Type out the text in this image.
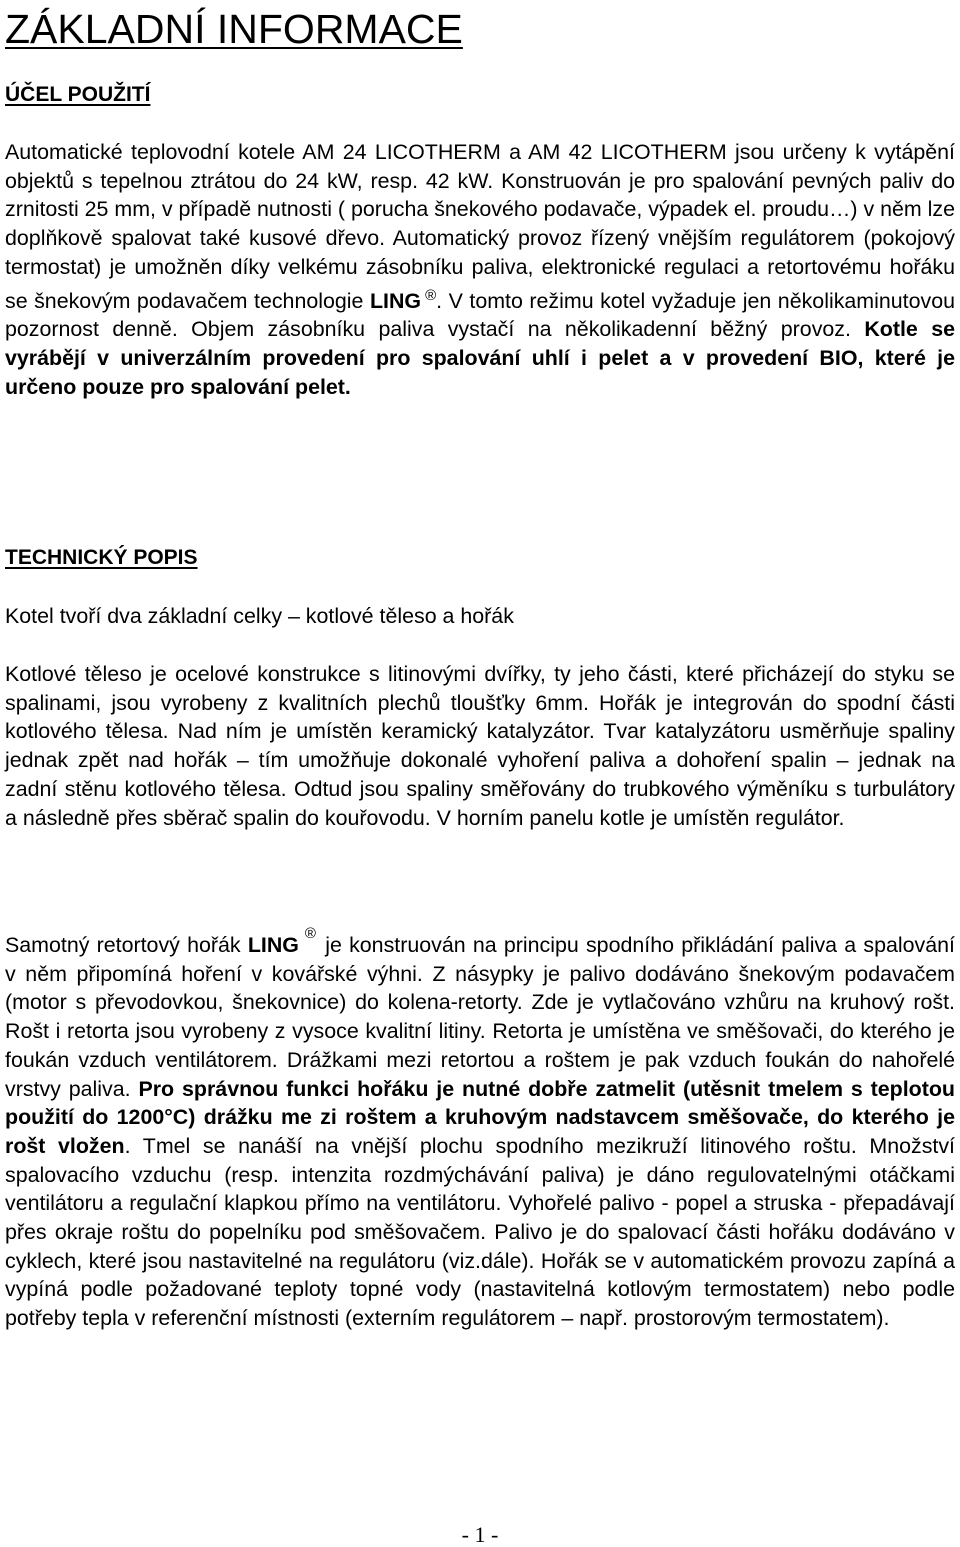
ZÁKLADNÍ INFORMACE
ÚČEL POUŽITÍ

Automatické teplovodní kotele AM 24 LICOTHERM a AM 42 LICOTHERM jsou určeny k vytápění objektů s tepelnou ztrátou do 24 kW, resp. 42 kW. Konstruován je pro spalování pevných paliv do zrnitosti 25 mm, v případě nutnosti ( porucha šnekového podavače, výpadek el. proudu…) v něm lze doplňkově spalovat také kusové dřevo. Automatický provoz řízený vnějším regulátorem (pokojový termostat) je umožněn díky velkému zásobníku paliva, elektronické regulaci a retortovému hořáku se šnekovým podavačem technologie LING ®. V tomto režimu kotel vyžaduje jen několikaminutovou pozornost denně. Objem zásobníku paliva vystačí na několikadenní běžný provoz. Kotle se vyrábějí v univerzálním provedení pro spalování uhlí i pelet a v provedení BIO, které je určeno pouze pro spalování pelet.

TECHNICKÝ POPIS

Kotel tvoří dva základní celky – kotlové těleso a hořák

Kotlové těleso je ocelové konstrukce s litinovými dvířky, ty jeho části, které přicházejí do styku se spalinami, jsou vyrobeny z kvalitních plechů tloušťky 6mm. Hořák je integrován do spodní části kotlového tělesa. Nad ním je umístěn keramický katalyzátor. Tvar katalyzátoru usměrňuje spaliny jednak zpět nad hořák – tím umožňuje dokonalé vyhoření paliva a dohoření spalin – jednak na zadní stěnu kotlového tělesa. Odtud jsou spaliny směřovány do trubkového výměníku s turbulátory a následně přes sběrač spalin do kouřovodu. V horním panelu kotle je umístěn regulátor.

Samotný retortový hořák LING ® je konstruován na principu spodního přikládání paliva a spalování v něm připomíná hoření v kovářské výhni. Z násypky je palivo dodáváno šnekovým podavačem (motor s převodovkou, šnekovnice) do kolena-retorty. Zde je vytlačováno vzhůru na kruhový rošt. Rošt i retorta jsou vyrobeny z vysoce kvalitní litiny. Retorta je umístěna ve směšovači, do kterého je foukán vzduch ventilátorem. Drážkami mezi retortou a roštem je pak vzduch foukán do nahořelé vrstvy paliva. Pro správnou funkci hořáku je nutné dobře zatmelit (utěsnit tmelem s teplotou použití do 1200°C) drážku me zi roštem a kruhovým nadstavcem směšovače, do kterého je rošt vložen. Tmel se nanáší na vnější plochu spodního mezikruží litinového roštu. Množství spalovacího vzduchu (resp. intenzita rozdmýchávání paliva) je dáno regulovatelnými otáčkami ventilátoru a regulační klapkou přímo na ventilátoru. Vyhořelé palivo - popel a struska - přepadávají přes okraje roštu do popelníku pod směšovačem. Palivo je do spalovací části hořáku dodáváno v cyklech, které jsou nastavitelné na regulátoru (viz.dále). Hořák se v automatickém provozu zapíná a vypíná podle požadované teploty topné vody (nastavitelná kotlovým termostatem) nebo podle potřeby tepla v referenční místnosti (externím regulátorem – např. prostorovým termostatem).

- 1 -
